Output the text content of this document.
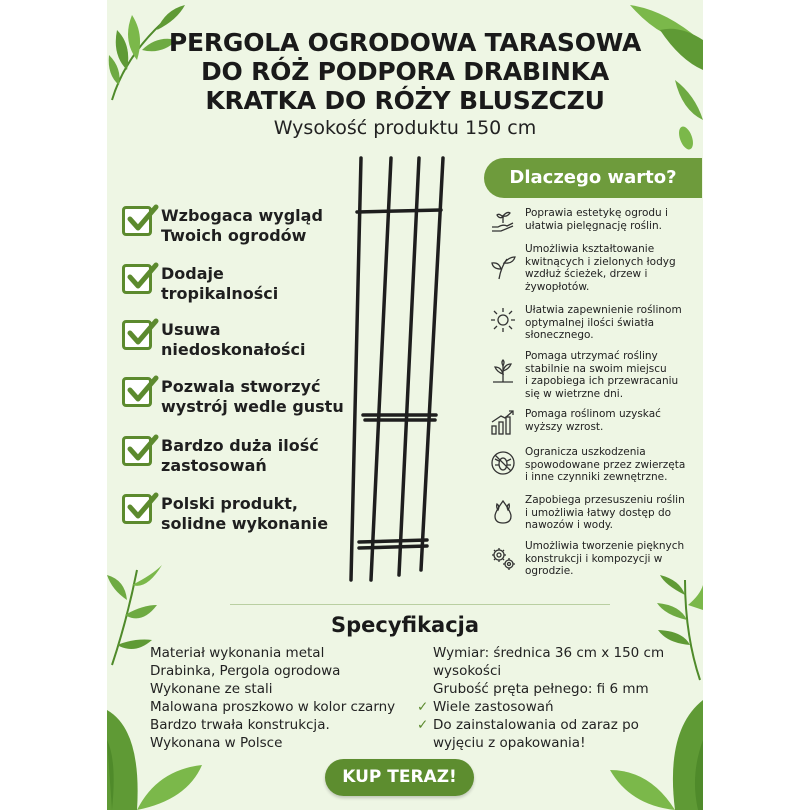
PERGOLA OGRODOWA TARASOWA
DO RÓŻ PODPORA DRABINKA
KRATKA DO RÓŻY BLUSZCZU
Wysokość produktu 150 cm
Wzbogaca wygląd
Twoich ogrodów
Dodaje
tropikalności
Usuwa
niedoskonałości
Pozwala stworzyć
wystrój wedle gustu
Bardzo duża ilość
zastosowań
Polski produkt,
solidne wykonanie
Dlaczego warto?
Poprawia estetykę ogrodu i
ułatwia pielęgnację roślin.
Umożliwia kształtowanie
kwitnących i zielonych łodyg
wzdłuż ścieżek, drzew i
żywopłotów.
Ułatwia zapewnienie roślinom
optymalnej ilości światła
słonecznego.
Pomaga utrzymać rośliny
stabilnie na swoim miejscu
i zapobiega ich przewracaniu
się w wietrzne dni.
Pomaga roślinom uzyskać
wyższy wzrost.
Ogranicza uszkodzenia
spowodowane przez zwierzęta
i inne czynniki zewnętrzne.
Zapobiega przesuszeniu roślin
i umożliwia łatwy dostęp do
nawozów i wody.
Umożliwia tworzenie pięknych
konstrukcji i kompozycji w
ogrodzie.
Specyfikacja
Materiał wykonania metal
Drabinka, Pergola ogrodowa
Wykonane ze stali
Malowana proszkowo w kolor czarny
Bardzo trwała konstrukcja.
Wykonana w Polsce
Wymiar: średnica 36 cm x 150 cm
wysokości
Grubość pręta pełnego: fi 6 mm
✓ Wiele zastosowań
✓ Do zainstalowania od zaraz po
wyjęciu z opakowania!
KUP TERAZ!
